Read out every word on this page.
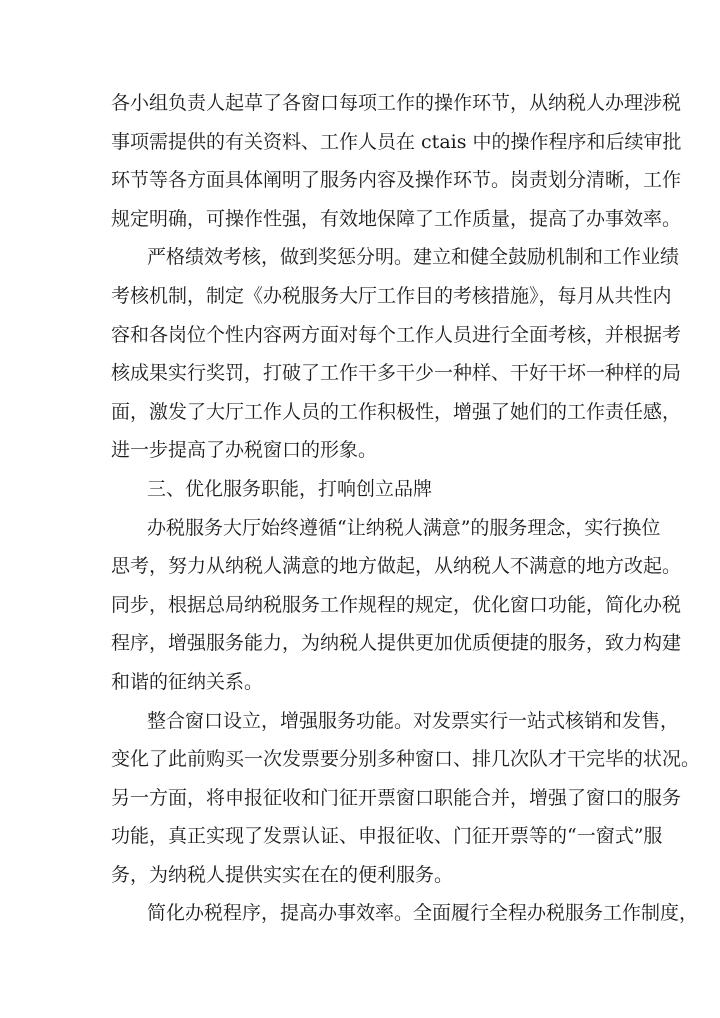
各小组负责人起草了各窗口每项工作的操作环节，从纳税人办理涉税
事项需提供的有关资料、工作人员在 ctais 中的操作程序和后续审批
环节等各方面具体阐明了服务内容及操作环节。岗责划分清晰，工作
规定明确，可操作性强，有效地保障了工作质量，提高了办事效率。

严格绩效考核，做到奖惩分明。建立和健全鼓励机制和工作业绩
考核机制，制定《办税服务大厅工作目的考核措施》，每月从共性内
容和各岗位个性内容两方面对每个工作人员进行全面考核，并根据考
核成果实行奖罚，打破了工作干多干少一种样、干好干坏一种样的局
面，激发了大厅工作人员的工作积极性，增强了她们的工作责任感，
进一步提高了办税窗口的形象。

三、优化服务职能，打响创立品牌

办税服务大厅始终遵循“让纳税人满意”的服务理念，实行换位
思考，努力从纳税人满意的地方做起，从纳税人不满意的地方改起。
同步，根据总局纳税服务工作规程的规定，优化窗口功能，简化办税
程序，增强服务能力，为纳税人提供更加优质便捷的服务，致力构建
和谐的征纳关系。

整合窗口设立，增强服务功能。对发票实行一站式核销和发售，
变化了此前购买一次发票要分别多种窗口、排几次队才干完毕的状况。
另一方面，将申报征收和门征开票窗口职能合并，增强了窗口的服务
功能，真正实现了发票认证、申报征收、门征开票等的“一窗式”服
务，为纳税人提供实实在在的便利服务。

简化办税程序，提高办事效率。全面履行全程办税服务工作制度，
